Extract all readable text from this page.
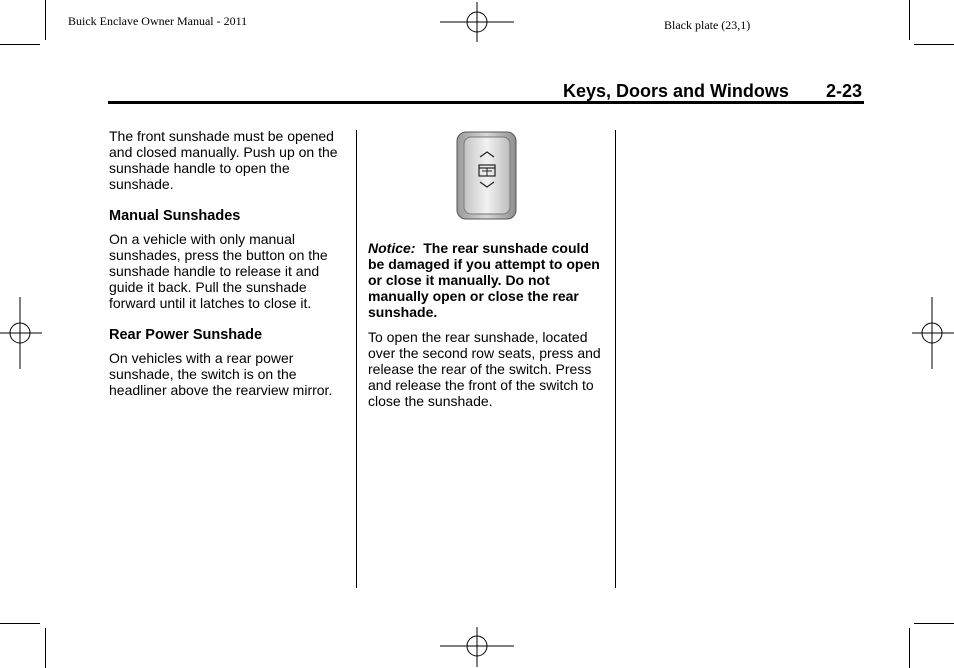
Buick Enclave Owner Manual - 2011	Black plate (23,1)
Keys, Doors and Windows 2-23

The front sunshade must be opened and closed manually. Push up on the sunshade handle to open the sunshade.

Manual Sunshades

On a vehicle with only manual sunshades, press the button on the sunshade handle to release it and guide it back. Pull the sunshade forward until it latches to close it.

Rear Power Sunshade

On vehicles with a rear power sunshade, the switch is on the headliner above the rearview mirror.

Notice: The rear sunshade could be damaged if you attempt to open or close it manually. Do not manually open or close the rear sunshade.

To open the rear sunshade, located over the second row seats, press and release the rear of the switch. Press and release the front of the switch to close the sunshade.
